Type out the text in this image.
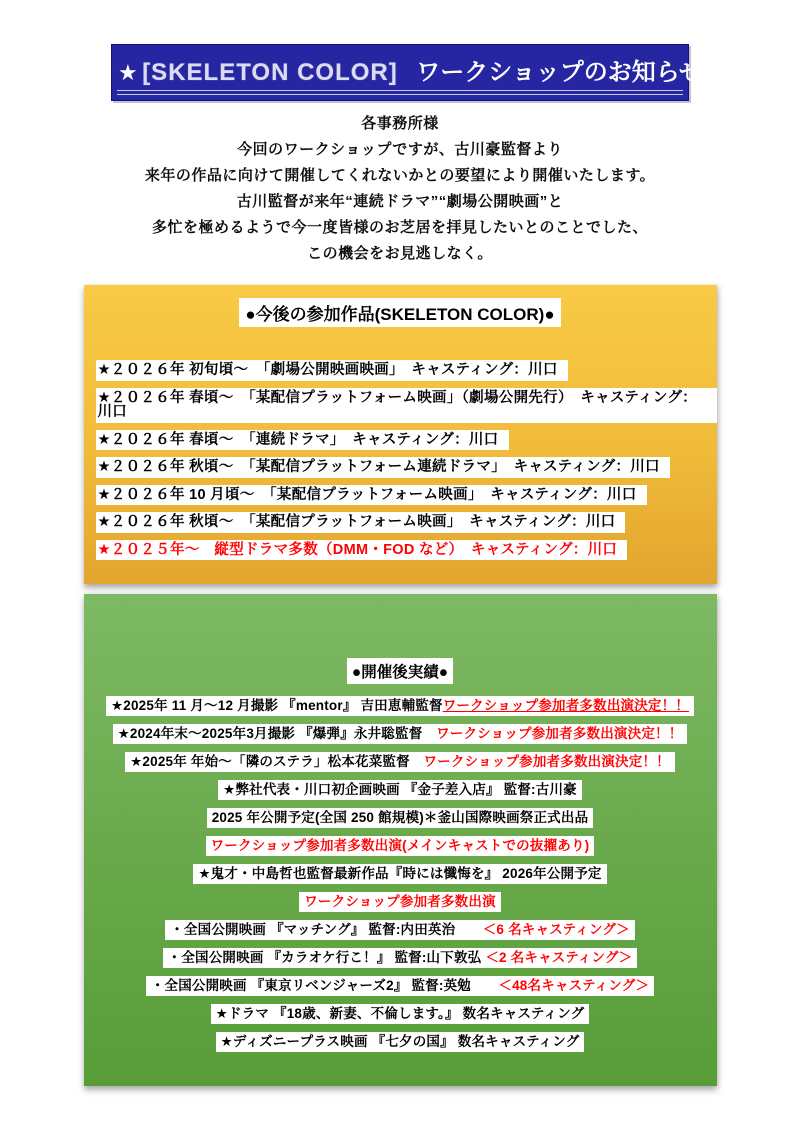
★ [SKELETON COLOR] ワークショップのお知らせ ★

各事務所様

今回のワークショップですが、古川豪監督より

来年の作品に向けて開催してくれないかとの要望により開催いたします。

古川監督が来年“連続ドラマ”“劇場公開映画”と

多忙を極めるようで今一度皆様のお芝居を拝見したいとのことでした、

この機会をお見逃しなく。

●今後の参加作品(SKELETON COLOR)●
★２０２６年 初旬頃～　「劇場公開映画映画」　キャスティング：川口
★２０２６年 春頃～　「某配信プラットフォーム映画」（劇場公開先行）　キャスティング：川口
★２０２６年 春頃～　「連続ドラマ」　キャスティング：川口
★２０２６年 秋頃～　「某配信プラットフォーム連続ドラマ」　キャスティング：川口
★２０２６年 10 月頃～　「某配信プラットフォーム映画」　キャスティング：川口
★２０２６年 秋頃～　「某配信プラットフォーム映画」　キャスティング：川口
★２０２５年～　縦型ドラマ多数（DMM・FOD など）　キャスティング：川口
●開催後実績●
★2025年 11 月～12 月撮影 『mentor』 吉田恵輔監督ワークショップ参加者多数出演決定！！
★2024年末～2025年3月撮影 『爆弾』永井聡監督　ワークショップ参加者多数出演決定！！
★2025年 年始～「隣のステラ」松本花菜監督　ワークショップ参加者多数出演決定！！
★弊社代表・川口初企画映画 『金子差入店』 監督:古川豪
2025 年公開予定(全国 250 館規模)＊釜山国際映画祭正式出品
ワークショップ参加者多数出演(メインキャストでの抜擢あり)
★鬼才・中島哲也監督最新作品『時には懺悔を』 2026年公開予定
ワークショップ参加者多数出演
・全国公開映画 『マッチング』 監督:内田英治　　＜6 名キャスティング＞
・全国公開映画 『カラオケ行こ！』 監督:山下敦弘 ＜2 名キャスティング＞
・全国公開映画 『東京リベンジャーズ2』 監督:英勉　　＜48名キャスティング＞
★ドラマ 『18歳、新妻、不倫します。』 数名キャスティング
★ディズニープラス映画 『七夕の国』 数名キャスティング
